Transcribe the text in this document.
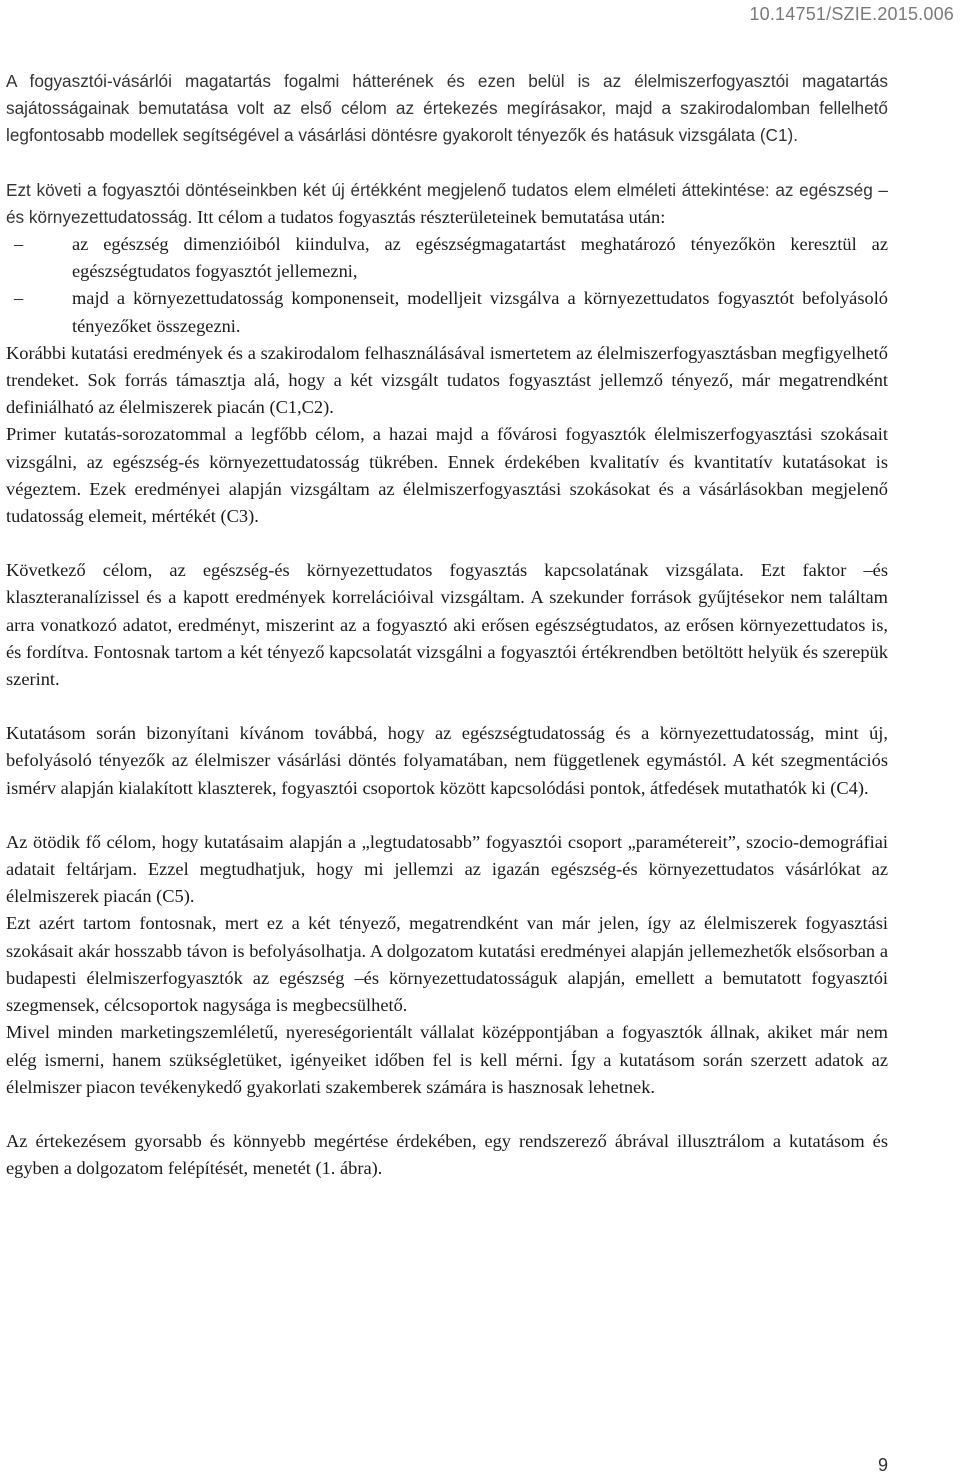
10.14751/SZIE.2015.006

A fogyasztói-vásárlói magatartás fogalmi hátterének és ezen belül is az élelmiszerfogyasztói magatartás sajátosságainak bemutatása volt az első célom az értekezés megírásakor, majd a szakirodalomban fellelhető legfontosabb modellek segítségével a vásárlási döntésre gyakorolt tényezők és hatásuk vizsgálata (C1).

Ezt követi a fogyasztói döntéseinkben két új értékként megjelenő tudatos elem elméleti áttekintése: az egészség –és környezettudatosság. Itt célom a tudatos fogyasztás részterületeinek bemutatása után:

–	az egészség dimenzióiból kiindulva, az egészségmagatartást meghatározó tényezőkön keresztül az egészségtudatos fogyasztót jellemezni,
–	majd a környezettudatosság komponenseit, modelljeit vizsgálva a környezettudatos fogyasztót befolyásoló tényezőket összegezni.

Korábbi kutatási eredmények és a szakirodalom felhasználásával ismertetem az élelmiszerfogyasztásban megfigyelhető trendeket. Sok forrás támasztja alá, hogy a két vizsgált tudatos fogyasztást jellemző tényező, már megatrendként definiálható az élelmiszerek piacán (C1,C2).

Primer kutatás-sorozatommal a legfőbb célom, a hazai majd a fővárosi fogyasztók élelmiszerfogyasztási szokásait vizsgálni, az egészség-és környezettudatosság tükrében. Ennek érdekében kvalitatív és kvantitatív kutatásokat is végeztem. Ezek eredményei alapján vizsgáltam az élelmiszerfogyasztási szokásokat és a vásárlásokban megjelenő tudatosság elemeit, mértékét (C3).

Következő célom, az egészség-és környezettudatos fogyasztás kapcsolatának vizsgálata. Ezt faktor –és klaszteranalízissel és a kapott eredmények korrelációival vizsgáltam. A szekunder források gyűjtésekor nem találtam arra vonatkozó adatot, eredményt, miszerint az a fogyasztó aki erősen egészségtudatos, az erősen környezettudatos is, és fordítva. Fontosnak tartom a két tényező kapcsolatát vizsgálni a fogyasztói értékrendben betöltött helyük és szerepük szerint.

Kutatásom során bizonyítani kívánom továbbá, hogy az egészségtudatosság és a környezettudatosság, mint új, befolyásoló tényezők az élelmiszer vásárlási döntés folyamatában, nem függetlenek egymástól. A két szegmentációs ismérv alapján kialakított klaszterek, fogyasztói csoportok között kapcsolódási pontok, átfedések mutathatók ki (C4).

Az ötödik fő célom, hogy kutatásaim alapján a „legtudatosabb” fogyasztói csoport „paramétereit”, szocio-demográfiai adatait feltárjam. Ezzel megtudhatjuk, hogy mi jellemzi az igazán egészség-és környezettudatos vásárlókat az élelmiszerek piacán (C5).

Ezt azért tartom fontosnak, mert ez a két tényező, megatrendként van már jelen, így az élelmiszerek fogyasztási szokásait akár hosszabb távon is befolyásolhatja. A dolgozatom kutatási eredményei alapján jellemezhetők elsősorban a budapesti élelmiszerfogyasztók az egészség –és környezettudatosságuk alapján, emellett a bemutatott fogyasztói szegmensek, célcsoportok nagysága is megbecsülhető.

Mivel minden marketingszemléletű, nyereségorientált vállalat középpontjában a fogyasztók állnak, akiket már nem elég ismerni, hanem szükségletüket, igényeiket időben fel is kell mérni. Így a kutatásom során szerzett adatok az élelmiszer piacon tevékenykedő gyakorlati szakemberek számára is hasznosak lehetnek.

Az értekezésem gyorsabb és könnyebb megértése érdekében, egy rendszerező ábrával illusztrálom a kutatásom és egyben a dolgozatom felépítését, menetét (1. ábra).

9
